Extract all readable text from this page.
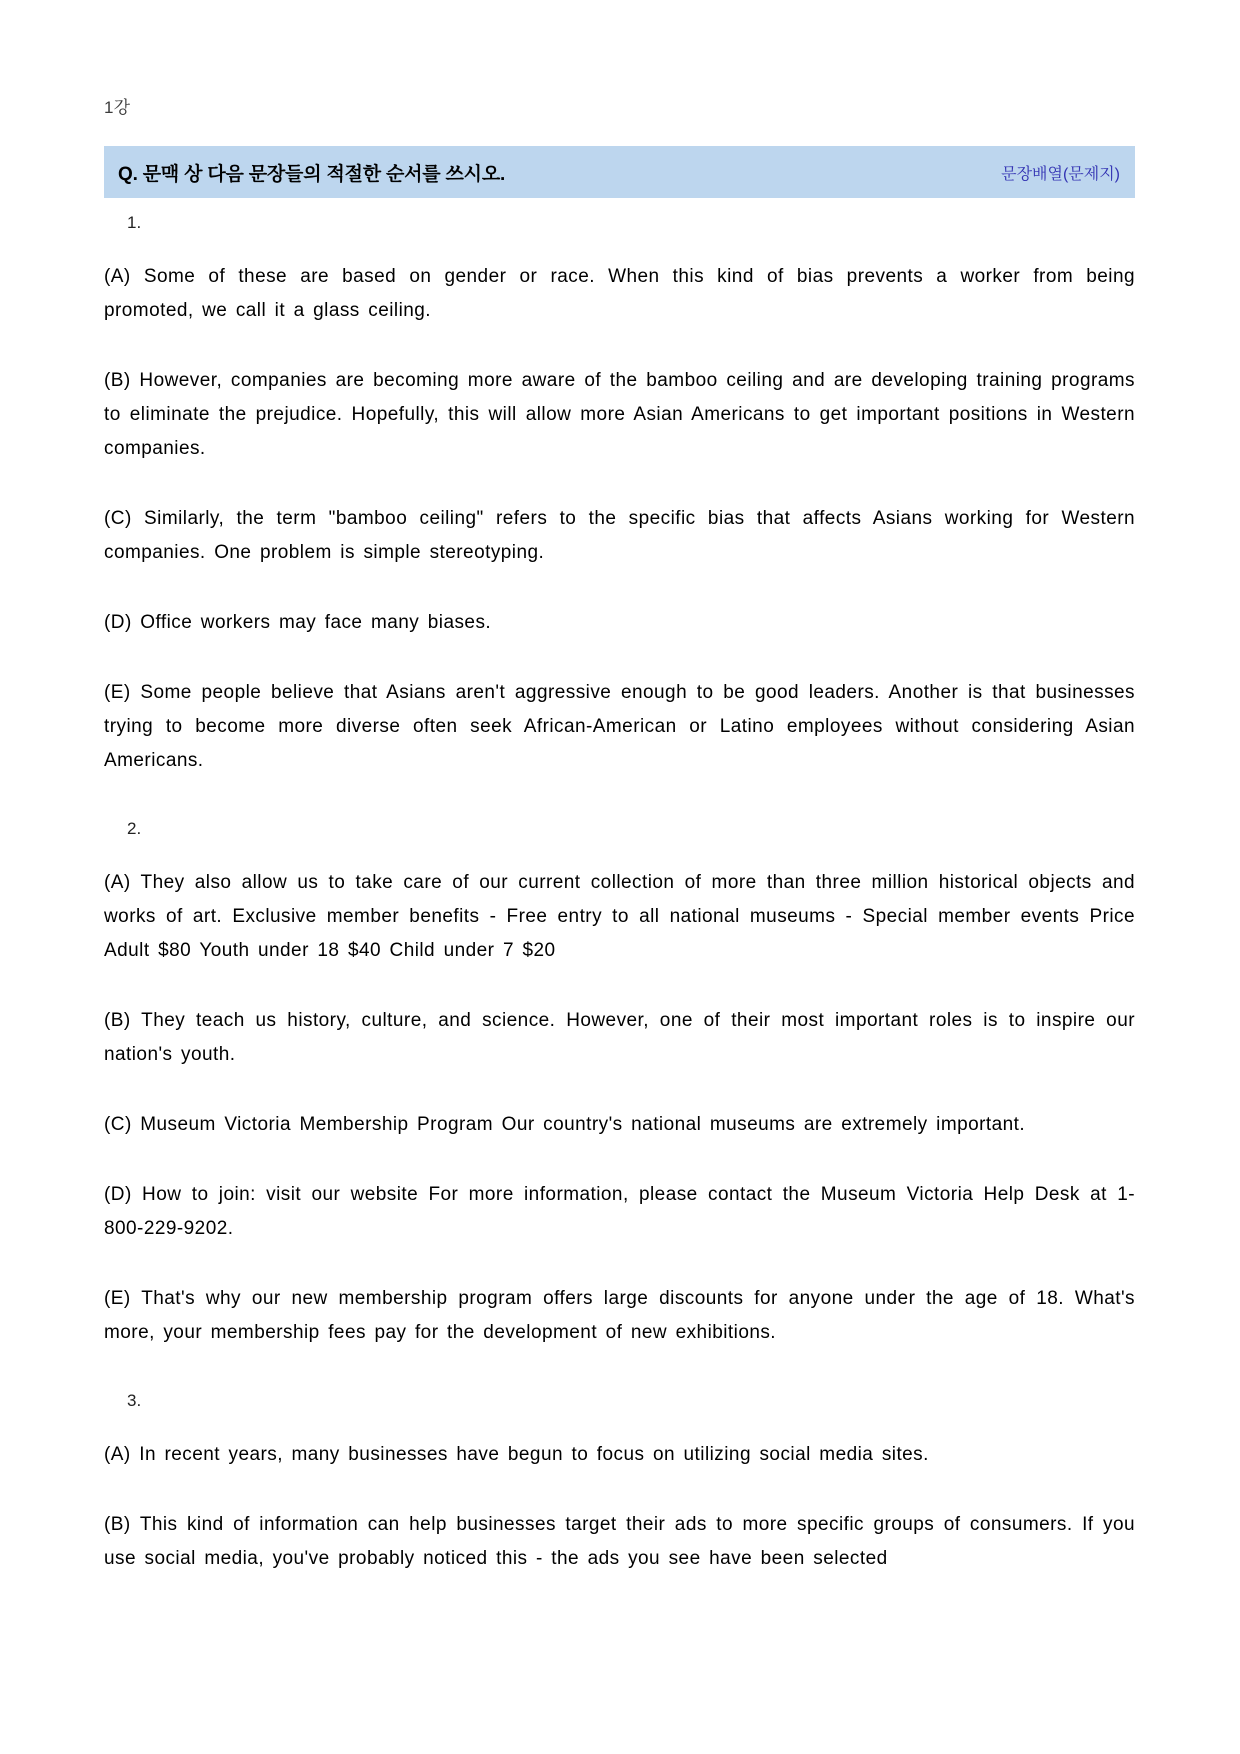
1강
Q. 문맥 상 다음 문장들의 적절한 순서를 쓰시오.	문장배열(문제지)
1.

(A) Some of these are based on gender or race. When this kind of bias prevents a worker from being promoted, we call it a glass ceiling.

(B) However, companies are becoming more aware of the bamboo ceiling and are developing training programs to eliminate the prejudice. Hopefully, this will allow more Asian Americans to get important positions in Western companies.

(C) Similarly, the term "bamboo ceiling" refers to the specific bias that affects Asians working for Western companies. One problem is simple stereotyping.

(D) Office workers may face many biases.

(E) Some people believe that Asians aren't aggressive enough to be good leaders. Another is that businesses trying to become more diverse often seek African-American or Latino employees without considering Asian Americans.

2.

(A) They also allow us to take care of our current collection of more than three million historical objects and works of art. Exclusive member benefits - Free entry to all national museums - Special member events Price Adult $80 Youth under 18 $40 Child under 7 $20

(B) They teach us history, culture, and science. However, one of their most important roles is to inspire our nation's youth.

(C) Museum Victoria Membership Program Our country's national museums are extremely important.

(D) How to join: visit our website For more information, please contact the Museum Victoria Help Desk at 1-800-229-9202.

(E) That's why our new membership program offers large discounts for anyone under the age of 18. What's more, your membership fees pay for the development of new exhibitions.

3.

(A) In recent years, many businesses have begun to focus on utilizing social media sites.

(B) This kind of information can help businesses target their ads to more specific groups of consumers. If you use social media, you've probably noticed this - the ads you see have been selected
